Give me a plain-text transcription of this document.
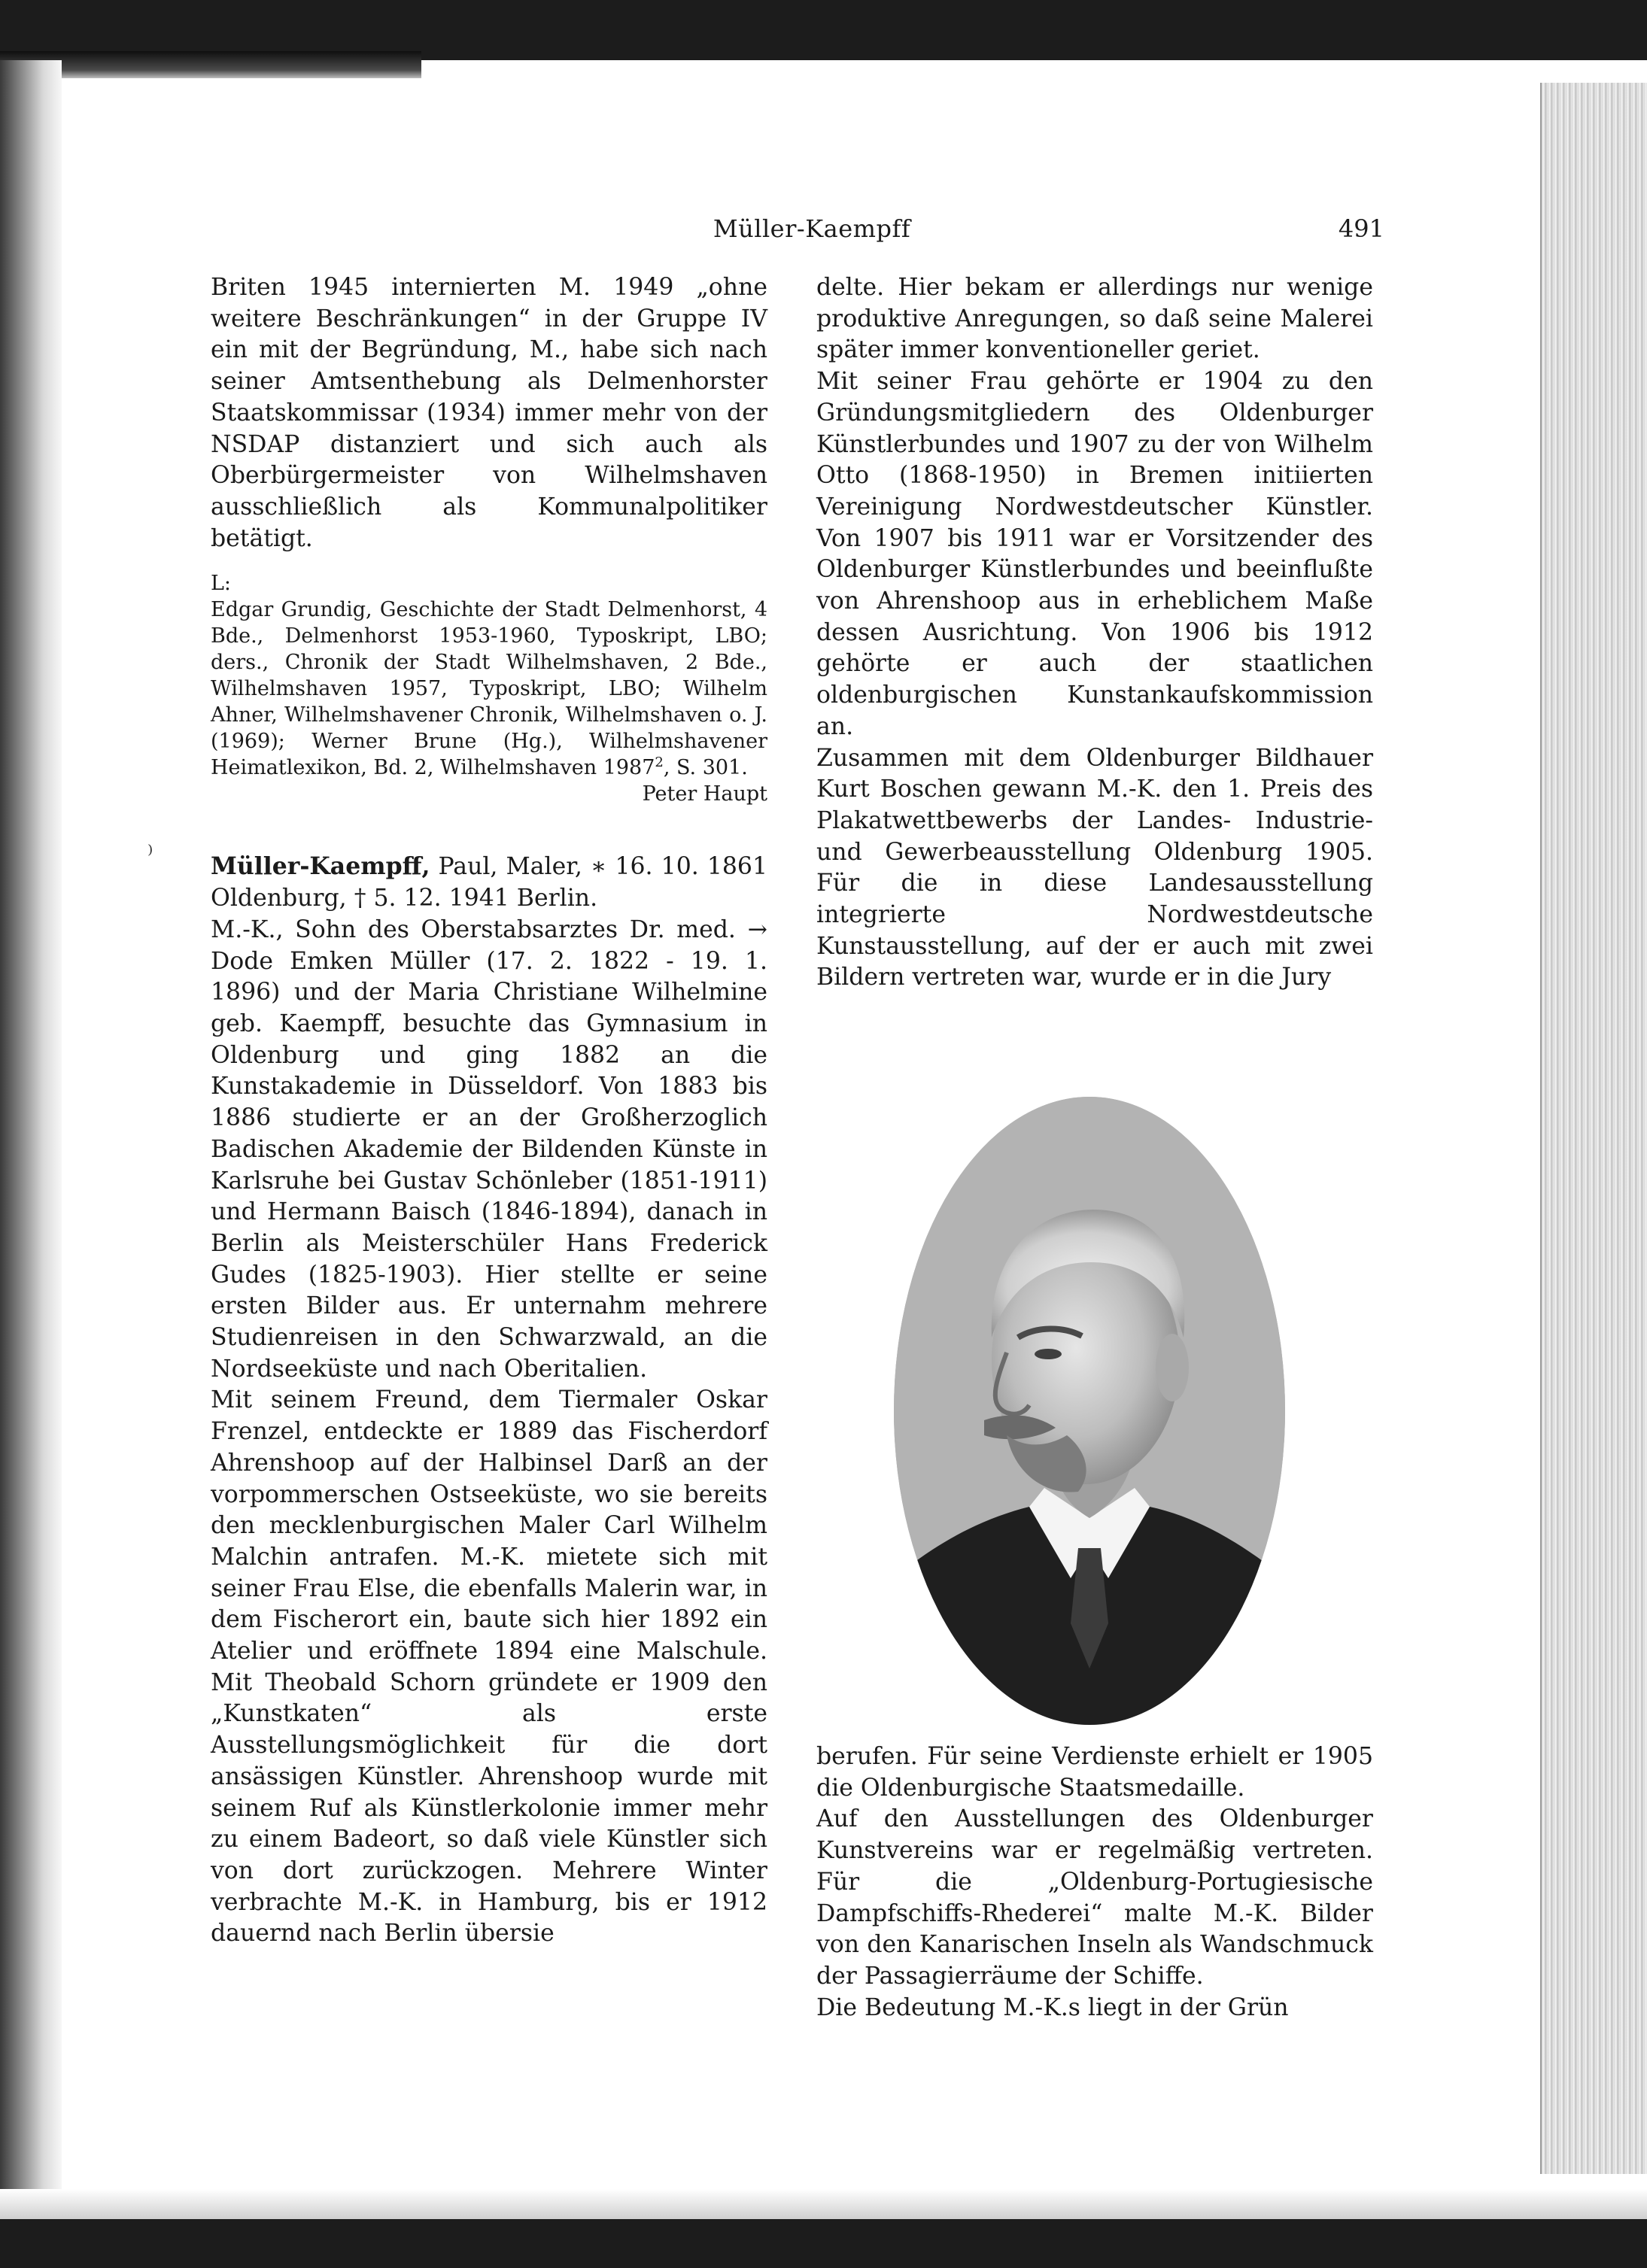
Müller-Kaempff	491
⁾

Briten 1945 internierten M. 1949 „ohne weitere Beschränkungen“ in der Gruppe IV ein mit der Begründung, M., habe sich nach seiner Amtsenthebung als Delmenhorster Staatskommissar (1934) immer mehr von der NSDAP distanziert und sich auch als Oberbürgermeister von Wilhelmshaven ausschließlich als Kommunalpolitiker betätigt.

L:

Edgar Grundig, Geschichte der Stadt Delmenhorst, 4 Bde., Delmenhorst 1953-1960, Typoskript, LBO; ders., Chronik der Stadt Wilhelmshaven, 2 Bde., Wilhelmshaven 1957, Typoskript, LBO; Wilhelm Ahner, Wilhelmshavener Chronik, Wilhelmshaven o. J. (1969); Werner Brune (Hg.), Wilhelmshavener Heimatlexikon, Bd. 2, Wilhelmshaven 1987$^2$, S. 301.

Peter Haupt

Müller-Kaempff, Paul, Maler, ∗ 16. 10. 1861 Oldenburg, † 5. 12. 1941 Berlin.

M.-K., Sohn des Oberstabsarztes Dr. med. → Dode Emken Müller (17. 2. 1822 - 19. 1. 1896) und der Maria Christiane Wilhelmine geb. Kaempff, besuchte das Gymnasium in Oldenburg und ging 1882 an die Kunstakademie in Düsseldorf. Von 1883 bis 1886 studierte er an der Großherzoglich Badischen Akademie der Bildenden Künste in Karlsruhe bei Gustav Schönleber (1851-1911) und Hermann Baisch (1846-1894), danach in Berlin als Meisterschüler Hans Frederick Gudes (1825-1903). Hier stellte er seine ersten Bilder aus. Er unternahm mehrere Studienreisen in den Schwarzwald, an die Nordseeküste und nach Oberitalien.

Mit seinem Freund, dem Tiermaler Oskar Frenzel, entdeckte er 1889 das Fischerdorf Ahrenshoop auf der Halbinsel Darß an der vorpommerschen Ostseeküste, wo sie bereits den mecklenburgischen Maler Carl Wilhelm Malchin antrafen. M.-K. mietete sich mit seiner Frau Else, die ebenfalls Malerin war, in dem Fischerort ein, baute sich hier 1892 ein Atelier und eröffnete 1894 eine Malschule. Mit Theobald Schorn gründete er 1909 den „Kunstkaten“ als erste Ausstellungsmöglichkeit für die dort ansässigen Künstler. Ahrenshoop wurde mit seinem Ruf als Künstlerkolonie immer mehr zu einem Badeort, so daß viele Künstler sich von dort zurückzogen. Mehrere Winter verbrachte M.-K. in Hamburg, bis er 1912 dauernd nach Berlin übersie

delte. Hier bekam er allerdings nur wenige produktive Anregungen, so daß seine Malerei später immer konventioneller geriet.

Mit seiner Frau gehörte er 1904 zu den Gründungsmitgliedern des Oldenburger Künstlerbundes und 1907 zu der von Wilhelm Otto (1868-1950) in Bremen initiierten Vereinigung Nordwestdeutscher Künstler. Von 1907 bis 1911 war er Vorsitzender des Oldenburger Künstlerbundes und beeinflußte von Ahrenshoop aus in erheblichem Maße dessen Ausrichtung. Von 1906 bis 1912 gehörte er auch der staatlichen oldenburgischen Kunstankaufskommission an.

Zusammen mit dem Oldenburger Bildhauer Kurt Boschen gewann M.-K. den 1. Preis des Plakatwettbewerbs der Landes- Industrie- und Gewerbeausstellung Oldenburg 1905. Für die in diese Landesausstellung integrierte Nordwestdeutsche Kunstausstellung, auf der er auch mit zwei Bildern vertreten war, wurde er in die Jury

berufen. Für seine Verdienste erhielt er 1905 die Oldenburgische Staatsmedaille.

Auf den Ausstellungen des Oldenburger Kunstvereins war er regelmäßig vertreten. Für die „Oldenburg-Portugiesische Dampfschiffs-Rhederei“ malte M.-K. Bilder von den Kanarischen Inseln als Wandschmuck der Passagierräume der Schiffe.

Die Bedeutung M.-K.s liegt in der Grün
